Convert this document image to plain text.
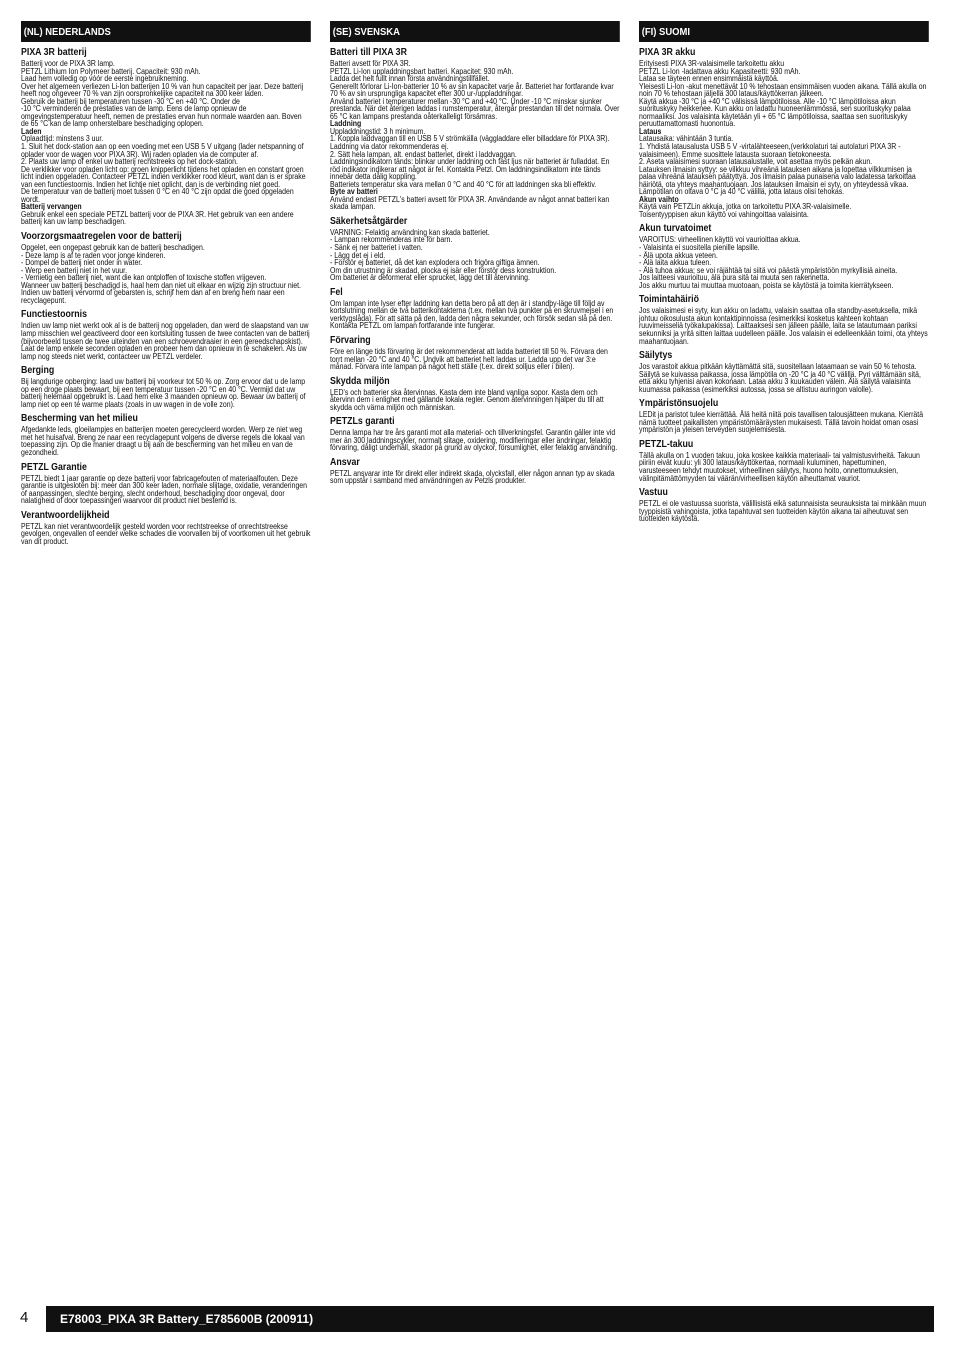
(NL) NEDERLANDS
PIXA 3R batterij
Batterij voor de PIXA 3R lamp.
PETZL Lithium Ion Polymeer batterij. Capaciteit: 930 mAh.
Laad hem volledig op vóór de eerste ingebruikneming.
Over het algemeen verliezen Li-Ion batterijen 10 % van hun capaciteit per jaar. Deze batterij heeft nog ongeveer 70 % van zijn oorspronkelijke capaciteit na 300 keer laden.
Gebruik de batterij bij temperaturen tussen -30 °C en +40 °C. Onder de
-10 °C verminderen de prestaties van de lamp. Eens de lamp opnieuw de omgevingstemperatuur heeft, nemen de prestaties ervan hun normale waarden aan. Boven de 65 °C kan de lamp onherstelbare beschadiging oplopen.
Laden
Oplaadtijd: minstens 3 uur.
1. Sluit het dock-station aan op een voeding met een USB 5 V uitgang (lader netspanning of oplader voor de wagen voor PIXA 3R). Wij raden opladen via de computer af.
2. Plaats uw lamp of enkel uw batterij rechtstreeks op het dock-station.
De verklikker voor opladen licht op: groen knipperlicht tijdens het opladen en constant groen licht indien opgeladen. Contacteer PETZL indien verklikker rood kleurt, want dan is er sprake van een functiestoornis. Indien het lichtje niet oplicht, dan is de verbinding niet goed.
De temperatuur van de batterij moet tussen 0 °C en 40 °C zijn opdat die goed opgeladen wordt.
Batterij vervangen
Gebruik enkel een speciale PETZL batterij voor de PIXA 3R. Het gebruik van een andere batterij kan uw lamp beschadigen.
Voorzorgsmaatregelen voor de batterij
Opgelet, een ongepast gebruik kan de batterij beschadigen.
- Deze lamp is af te raden voor jonge kinderen.
- Dompel de batterij niet onder in water.
- Werp een batterij niet in het vuur.
- Vernietig een batterij niet, want die kan ontploffen of toxische stoffen vrijgeven.
Wanneer uw batterij beschadigd is, haal hem dan niet uit elkaar en wijzig zijn structuur niet.
Indien uw batterij vervormd of gebarsten is, schrijf hem dan af en breng hem naar een recyclagepunt.
Functiestoornis
Indien uw lamp niet werkt ook al is de batterij nog opgeladen, dan werd de slaapstand van uw lamp misschien wel geactiveerd door een kortsluiting tussen de twee contacten van de batterij (bijvoorbeeld tussen de twee uiteinden van een schroevendraaier in een gereedschapskist). Laat de lamp enkele seconden opladen en probeer hem dan opnieuw in te schakelen. Als uw lamp nog steeds niet werkt, contacteer uw PETZL verdeler.
Berging
Bij langdurige opberging: laad uw batterij bij voorkeur tot 50 % op. Zorg ervoor dat u de lamp op een droge plaats bewaart, bij een temperatuur tussen -20 °C en 40 °C. Vermijd dat uw batterij helemaal opgebruikt is. Laad hem elke 3 maanden opnieuw op. Bewaar uw batterij of lamp niet op een té warme plaats (zoals in uw wagen in de volle zon).
Bescherming van het milieu
Afgedankte leds, gloeilampjes en batterijen moeten gerecycleerd worden. Werp ze niet weg met het huisafval. Breng ze naar een recyclagepunt volgens de diverse regels die lokaal van toepassing zijn. Op die manier draagt u bij aan de bescherming van het milieu en van de gezondheid.
PETZL Garantie
PETZL biedt 1 jaar garantie op deze batterij voor fabricagefouten of materiaalfouten. Deze garantie is uitgesloten bij: meer dan 300 keer laden, normale slijtage, oxidatie, veranderingen of aanpassingen, slechte berging, slecht onderhoud, beschadiging door ongeval, door nalatigheid of door toepassingen waarvoor dit product niet bestemd is.
Verantwoordelijkheid
PETZL kan niet verantwoordelijk gesteld worden voor rechtstreekse of onrechtstreekse gevolgen, ongevallen of eender welke schades die voorvallen bij of voortkomen uit het gebruik van dit product.
(SE) SVENSKA
Batteri till PIXA 3R
Batteri avsett för PIXA 3R.
PETZL Li-Ion uppladdningsbart batteri. Kapacitet: 930 mAh.
Ladda det helt fullt innan första användningstillfället.
Generellt förlorar Li-Ion-batterier 10 % av sin kapacitet varje år. Batteriet har fortfarande kvar 70 % av sin ursprungliga kapacitet efter 300 ur-/uppladdningar.
Använd batteriet i temperaturer mellan -30 °C and +40 °C. Under -10 °C minskar sjunker prestanda. När det återigen laddas i rumstemperatur, återgår prestandan till det normala. Över 65 °C kan lampans prestanda oåterkalleligt försämras.
Laddning
Uppladdningstid: 3 h minimum.
1. Koppla laddvaggan till en USB 5 V strömkälla (väggladdare eller billaddare för PIXA 3R). Laddning via dator rekommenderas ej.
2. Sätt hela lampan, alt. endast batteriet, direkt i laddvaggan.
Laddningsindikatorn tänds: blinkar under laddning och fast ljus när batteriet är fulladdat. En röd indikator indikerar att något är fel. Kontakta Petzl. Om laddningsindikatorn inte tänds innebär detta dålig koppling.
Batteriets temperatur ska vara mellan 0 °C and 40 °C för att laddningen ska bli effektiv.
Byte av batteri
Använd endast PETZL's batteri avsett för PIXA 3R. Användande av något annat batteri kan skada lampan.
Säkerhetsåtgärder
VARNING: Felaktig användning kan skada batteriet.
- Lampan rekommenderas inte för barn.
- Sänk ej ner batteriet i vatten.
- Lägg det ej i eld.
- Förstör ej batteriet, då det kan explodera och frigöra giftiga ämnen.
Om din utrustning är skadad, plocka ej isär eller förstör dess konstruktion.
Om batteriet är deformerat eller sprucket, lägg det till återvinning.
Fel
Om lampan inte lyser efter laddning kan detta bero på att den är i standby-läge till följd av kortslutning mellan de två batterikontakterna (t.ex. mellan två punkter på en skruvmejsel i en verktygslåda). För att sätta på den, ladda den några sekunder, och försök sedan slå på den. Kontakta PETZL om lampan fortfarande inte fungerar.
Förvaring
Före en länge tids förvaring är det rekommenderat att ladda batteriet till 50 %. Förvara den torrt mellan -20 °C and 40 °C. Undvik att batteriet helt laddas ur. Ladda upp det var 3:e månad. Förvara inte lampan på något hett ställe (t.ex. direkt solljus eller i bilen).
Skydda miljön
LED's och batterier ska återvinnas. Kasta dem inte bland vanliga sopor. Kasta dem och återvinn dem i enlighet med gällande lokala regler. Genom återvinningen hjälper du till att skydda och värna miljön och människan.
PETZLs garanti
Denna lampa har tre års garanti mot alla material- och tillverkningsfel. Garantin gäller inte vid mer än 300 laddningscykler, normalt slitage, oxidering, modifieringar eller ändringar, felaktig förvaring, dåligt underhåll, skador på grund av olyckor, försumlighet, eller felaktig användning.
Ansvar
PETZL ansvarar inte för direkt eller indirekt skada, olycksfall, eller någon annan typ av skada som uppstår i samband med användningen av Petzls produkter.
(FI) SUOMI
PIXA 3R akku
Erityisesti PIXA 3R-valaisimelle tarkoitettu akku
PETZL Li-Ion -ladattava akku Kapasiteetti: 930 mAh.
Lataa se täyteen ennen ensimmäistä käyttöä.
Yleisesti Li-Ion -akut menettävät 10 % tehostaan ensimmäisen vuoden aikana. Tällä akulla on noin 70 % tehostaan jäljellä 300 lataus/käyttökerran jälkeen.
Käytä akkua -30 °C ja +40 °C välisissä lämpötiloissa. Alle -10 °C lämpötiloissa akun suorituskyky heikkenee. Kun akku on ladattu huoneenlämmössä, sen suorituskyky palaa normaaliksi. Jos valaisinta käytetään yli + 65 °C lämpötiloissa, saattaa sen suorituskyky peruuttamattomasti huonontua.
Lataus
Latausaika: vähintään 3 tuntia.
1. Yhdistä latausalusta USB 5 V -virtalähteeseen,(verkkolaturi tai autolaturi PIXA 3R -valaisimeen). Emme suosittele latausta suoraan tietokoneesta.
2. Aseta valaisimesi suoraan latausalustalle, voit asettaa myös pelkän akun.
Latauksen ilmaisin syttyy: se vilkkuu vihreänä latauksen aikana ja lopettaa vilkkumisen ja palaa vihreänä latauksen päätyttyä. Jos ilmaisin palaa punaisena valo ladatessa tarkoittaa häiriötä, ota yhteys maahantuojaan. Jos latauksen ilmaisin ei syty, on yhteydessä vikaa.
Lämpötilan on oltava 0 °C ja 40 °C välillä, jotta lataus olisi tehokas.
Akun vaihto
Käytä vain PETZLin akkuja, jotka on tarkoitettu PIXA 3R-valaisimelle.
Toisentyyppisen akun käyttö voi vahingoittaa valaisinta.
Akun turvatoimet
VAROITUS: virheellinen käyttö voi vaurioittaa akkua.
- Valaisinta ei suositella pienille lapsille.
- Älä upota akkua veteen.
- Älä laita akkua tuleen.
- Älä tuhoa akkua; se voi räjähtää tai siitä voi päästä ympäristöön myrkyllisiä aineita.
Jos laitteesi vaurioituu, älä pura sitä tai muuta sen rakennetta.
Jos akku murtuu tai muuttaa muotoaan, poista se käytöstä ja toimita kierrätykseen.
Toimintahäiriö
Jos valaisimesi ei syty, kun akku on ladattu, valaisin saattaa olla standby-asetuksella, mikä johtuu oikosulusta akun kontaktipinnoissa (esimerkiksi kosketus kahteen kohtaan ruuvimeisseliä työkalupakissa). Laittaaksesi sen jälleen päälle, laita se latautumaan pariksi sekunniksi ja yritä sitten laittaa uudelleen päälle. Jos valaisin ei edelleenkään toimi, ota yhteys maahantuojaan.
Säilytys
Jos varastoit akkua pitkään käyttämättä sitä, suositellaan lataamaan se vain 50 % tehosta. Säilytä se kuivassa paikassa, jossa lämpötila on -20 °C ja 40 °C välillä. Pyri välttämään sitä, että akku tyhjenisi aivan kokonaan. Lataa akku 3 kuukauden välein. Älä säilytä valaisinta kuumassa paikassa (esimerkiksi autossa, jossa se altistuu auringon valolle).
Ympäristönsuojelu
LEDit ja paristot tulee kierrättää. Älä heitä niitä pois tavallisen talousjätteen mukana. Kierrätä nämä tuotteet paikallisten ympäristömääräysten mukaisesti. Tällä tavoin hoidat oman osasi ympäristön ja yleisen terveyden suojelemisesta.
PETZL-takuu
Tällä akulla on 1 vuoden takuu, joka koskee kaikkia materiaali- tai valmistusvirheitä. Takuun piiriin eivät kuulu: yli 300 lataus/käyttökertaa, normaali kuluminen, hapettuminen, varusteeseen tehdyt muutokset, virheellinen säilytys, huono hoito, onnettomuuksien, välinpitämättömyyden tai väärän/virheellisen käytön aiheuttamat vauriot.
Vastuu
PETZL ei ole vastuussa suorista, välillisistä eikä satunnaisista seurauksista tai minkään muun tyyppisistä vahingoista, jotka tapahtuvat sen tuotteiden käytön aikana tai aiheutuvat sen tuotteiden käytöstä.
4	E78003_PIXA 3R Battery_E785600B (200911)
